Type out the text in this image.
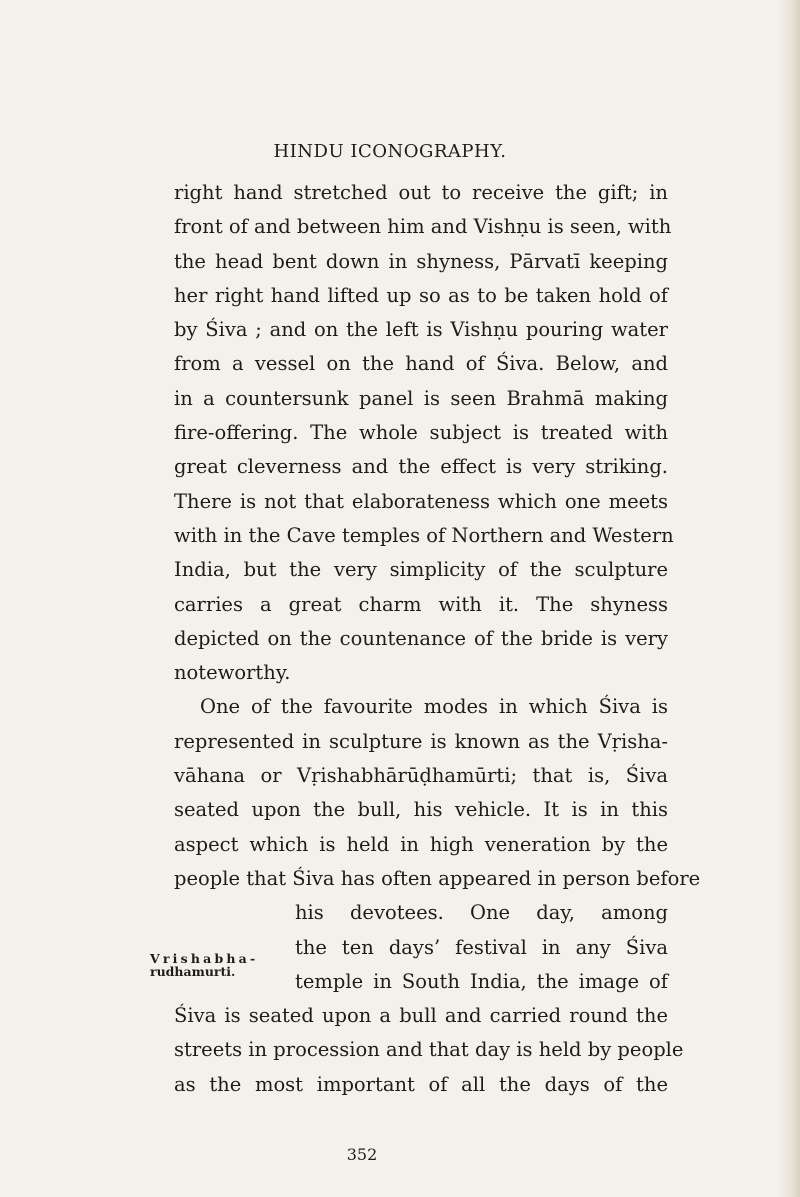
HINDU ICONOGRAPHY.
right hand stretched out to receive the gift; in
front of and between him and Vishṇu is seen, with
the head bent down in shyness, Pārvatī keeping
her right hand lifted up so as to be taken hold of
by Śiva ; and on the left is Vishṇu pouring water
from a vessel on the hand of Śiva. Below, and
in a countersunk panel is seen Brahmā making
fire-offering. The whole subject is treated with
great cleverness and the effect is very striking.
There is not that elaborateness which one meets
with in the Cave temples of Northern and Western
India, but the very simplicity of the sculpture
carries a great charm with it. The shyness
depicted on the countenance of the bride is very
noteworthy.
One of the favourite modes in which Śiva is
represented in sculpture is known as the Vṛisha-
vāhana or Vṛishabhārūḍhamūrti; that is, Śiva
seated upon the bull, his vehicle. It is in this
aspect which is held in high veneration by the
people that Śiva has often appeared in person before
his devotees. One day, among
the ten days’ festival in any Śiva
temple in South India, the image of
Śiva is seated upon a bull and carried round the
streets in procession and that day is held by people
as the most important of all the days of the
Vrishabha-
rudhamurti.
352
